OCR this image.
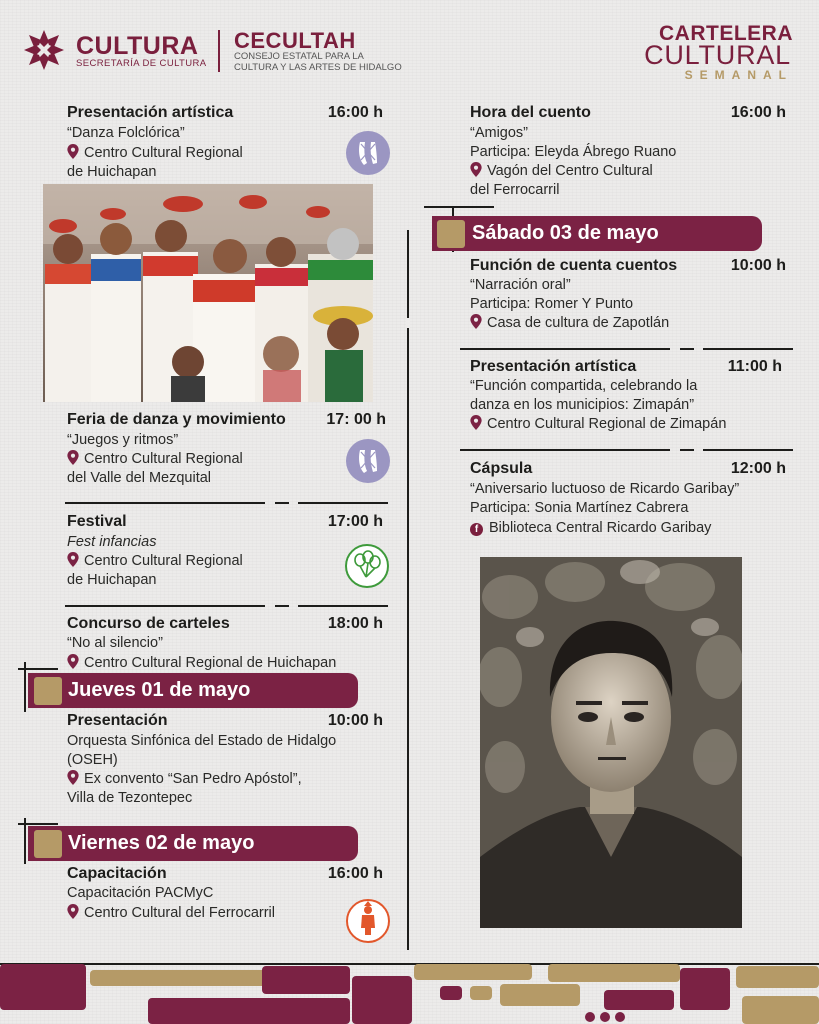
CULTURA
SECRETARÍA DE CULTURA
CECULTAH
CONSEJO ESTATAL PARA LA
CULTURA Y LAS ARTES DE HIDALGO
CARTELERA
CULTURAL
SEMANAL
Presentación artística	16:00 h
“Danza Folclórica”
Centro Cultural Regional
de Huichapan
Feria de danza y movimiento	17: 00 h
“Juegos y ritmos”
Centro Cultural Regional
del Valle del Mezquital
Festival	17:00 h
Fest infancias
Centro Cultural Regional
de Huichapan
Concurso de carteles	18:00 h
“No al silencio”
Centro Cultural Regional de Huichapan
Jueves 01 de mayo
Presentación	10:00 h
Orquesta Sinfónica del Estado de Hidalgo
(OSEH)
Ex convento “San Pedro Apóstol”,
Villa de Tezontepec
Viernes 02 de mayo
Capacitación	16:00 h
Capacitación PACMyC
Centro Cultural del Ferrocarril
Hora del cuento	16:00 h
“Amigos”
Participa: Eleyda Ábrego Ruano
Vagón del Centro Cultural
del Ferrocarril
Sábado 03 de mayo
Función de cuenta cuentos	10:00 h
“Narración oral”
Participa: Romer Y Punto
Casa de cultura de Zapotlán
Presentación artística	11:00 h
“Función compartida, celebrando la
danza en los municipios: Zimapán”
Centro Cultural Regional de Zimapán
Cápsula	12:00 h
“Aniversario luctuoso de Ricardo Garibay”
Participa: Sonia Martínez Cabrera
f Biblioteca Central Ricardo Garibay
